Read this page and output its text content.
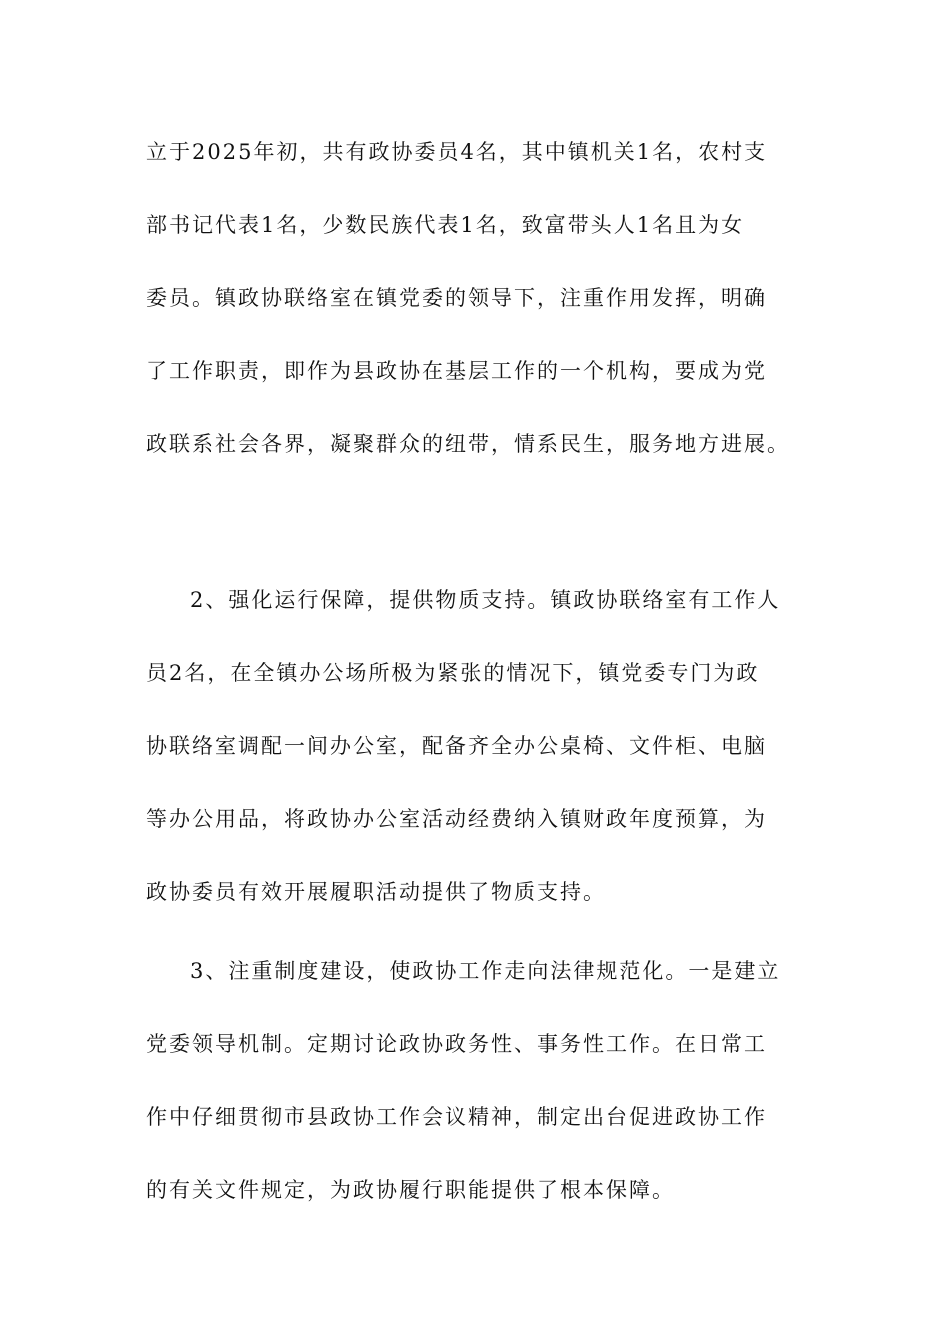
立于2025年初，共有政协委员4名，其中镇机关1名，农村支
部书记代表1名，少数民族代表1名，致富带头人1名且为女
委员。镇政协联络室在镇党委的领导下，注重作用发挥，明确
了工作职责，即作为县政协在基层工作的一个机构，要成为党
政联系社会各界，凝聚群众的纽带，情系民生，服务地方进展。
2、强化运行保障，提供物质支持。镇政协联络室有工作人
员2名，在全镇办公场所极为紧张的情况下，镇党委专门为政
协联络室调配一间办公室，配备齐全办公桌椅、文件柜、电脑
等办公用品，将政协办公室活动经费纳入镇财政年度预算，为
政协委员有效开展履职活动提供了物质支持。
3、注重制度建设，使政协工作走向法律规范化。一是建立
党委领导机制。定期讨论政协政务性、事务性工作。在日常工
作中仔细贯彻市县政协工作会议精神，制定出台促进政协工作
的有关文件规定，为政协履行职能提供了根本保障。
